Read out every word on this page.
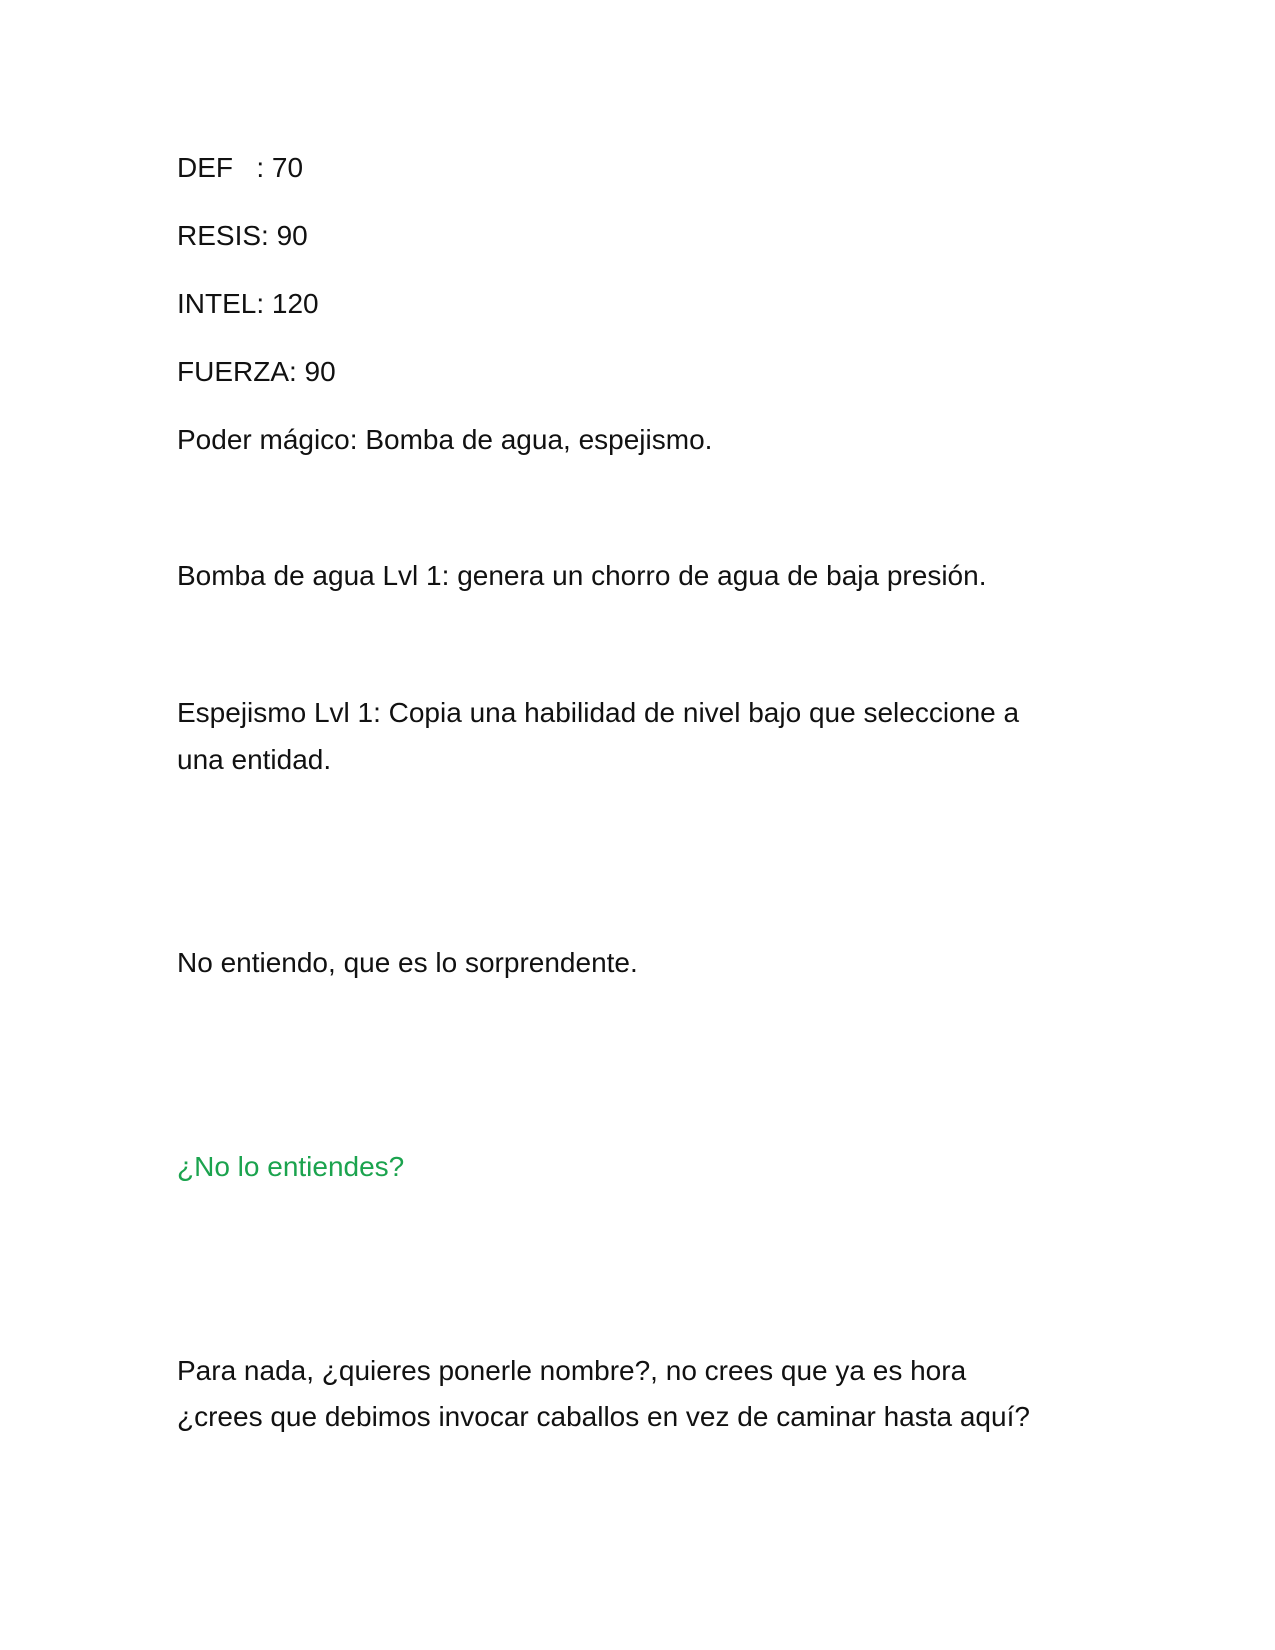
DEF   : 70

RESIS: 90

INTEL: 120

FUERZA: 90

Poder mágico: Bomba de agua, espejismo.

Bomba de agua Lvl 1: genera un chorro de agua de baja presión.

Espejismo Lvl 1: Copia una habilidad de nivel bajo que seleccione a

una entidad.

No entiendo, que es lo sorprendente.

¿No lo entiendes?

Para nada, ¿quieres ponerle nombre?, no crees que ya es hora

¿crees que debimos invocar caballos en vez de caminar hasta aquí?
